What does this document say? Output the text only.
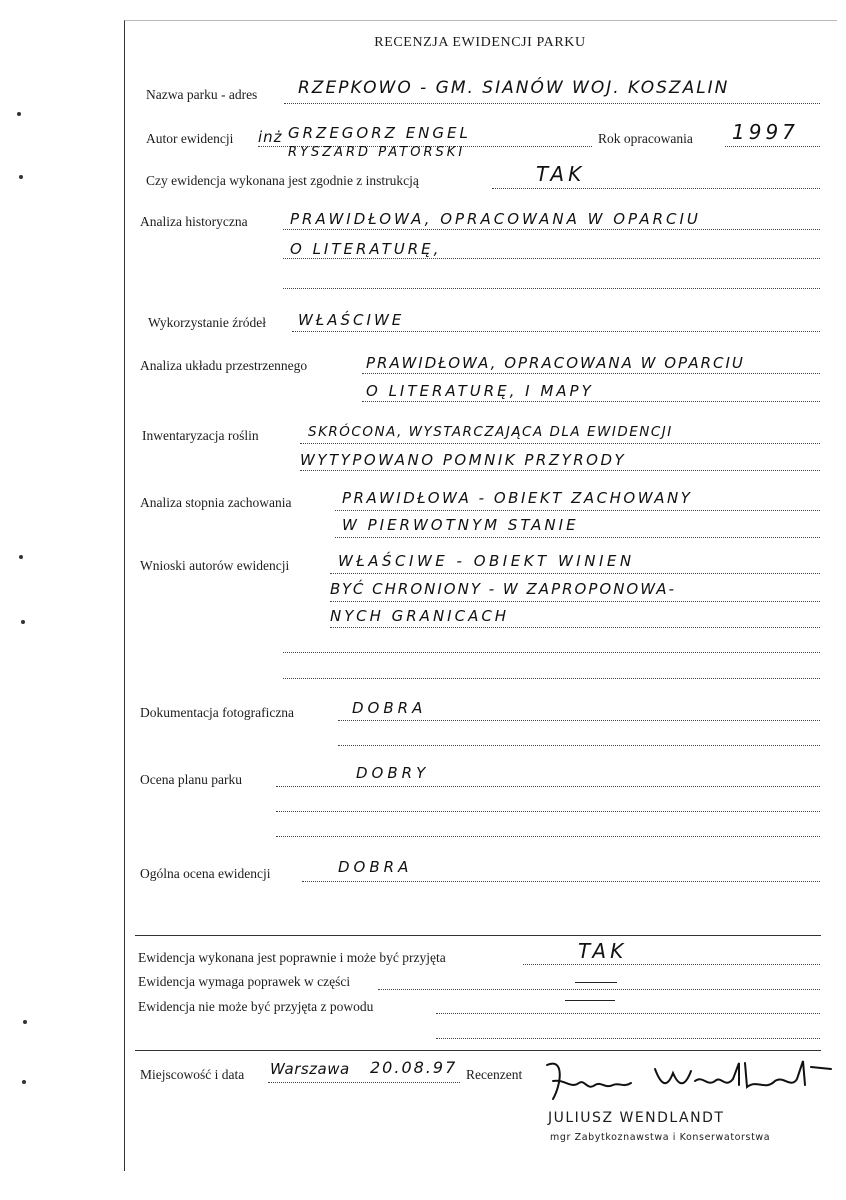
RECENZJA EWIDENCJI PARKU
Nazwa parku - adres RZEPKOWO - GM. SIANÓW WOJ. KOSZALIN
Autor ewidencji inż GRZEGORZ ENGEL
RYSZARD PATORSKI
Rok opracowania 1997
Czy ewidencja wykonana jest zgodnie z instrukcją	TAK
Analiza historyczna	PRAWIDŁOWA, OPRACOWANA W OPARCIU
O LITERATURĘ,
Wykorzystanie źródeł WŁAŚCIWE
Analiza układu przestrzennego	PRAWIDŁOWA, OPRACOWANA W OPARCIU
O LITERATURĘ, I MAPY
Inwentaryzacja roślin	SKRÓCONA, WYSTARCZAJĄCA DLA EWIDENCJI
WYTYPOWANO POMNIK PRZYRODY
Analiza stopnia zachowania	PRAWIDŁOWA - OBIEKT ZACHOWANY
W PIERWOTNYM STANIE
Wnioski autorów ewidencji	WŁAŚCIWE - OBIEKT WINIEN
BYĆ CHRONIONY - W ZAPROPONOWA-
NYCH GRANICACH
Dokumentacja fotograficzna	DOBRA
Ocena planu parku	DOBRY
Ogólna ocena ewidencji	DOBRA
Ewidencja wykonana jest poprawnie i może być przyjęta	TAK
Ewidencja wymaga poprawek w części
Ewidencja nie może być przyjęta z powodu
Miejscowość i data Warszawa 20.08.97 Recenzent
JULIUSZ WENDLANDT
mgr Zabytkoznawstwa i Konserwatorstwa
